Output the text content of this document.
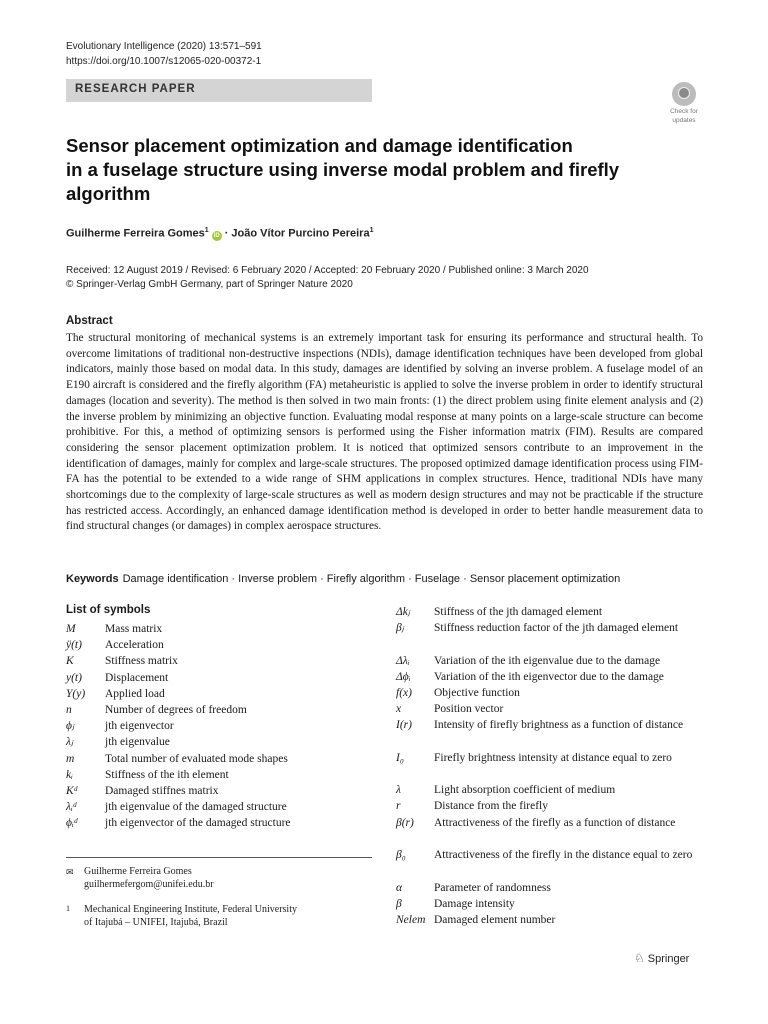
Evolutionary Intelligence (2020) 13:571–591
https://doi.org/10.1007/s12065-020-00372-1
RESEARCH PAPER
Check for
updates
Sensor placement optimization and damage identification
in a fuselage structure using inverse modal problem and firefly
algorithm
Guilherme Ferreira Gomes$^1$iD · João Vítor Purcino Pereira$^1$
Received: 12 August 2019 / Revised: 6 February 2020 / Accepted: 20 February 2020 / Published online: 3 March 2020
© Springer-Verlag GmbH Germany, part of Springer Nature 2020
Abstract
The structural monitoring of mechanical systems is an extremely important task for ensuring its performance and structural health. To overcome limitations of traditional non-destructive inspections (NDIs), damage identification techniques have been developed from global indicators, mainly those based on modal data. In this study, damages are identified by solving an inverse problem. A fuselage model of an E190 aircraft is considered and the firefly algorithm (FA) metaheuristic is applied to solve the inverse problem in order to identify structural damages (location and severity). The method is then solved in two main fronts: (1) the direct problem using finite element analysis and (2) the inverse problem by minimizing an objective function. Evaluating modal response at many points on a large-scale structure can become prohibitive. For this, a method of optimizing sensors is performed using the Fisher information matrix (FIM). Results are compared considering the sensor placement optimization problem. It is noticed that optimized sensors contribute to an improvement in the identification of damages, mainly for complex and large-scale structures. The proposed optimized damage identification process using FIM-FA has the potential to be extended to a wide range of SHM applications in complex structures. Hence, traditional NDIs have many shortcomings due to the complexity of large-scale structures as well as modern design structures and may not be practicable if the structure has restricted access. Accordingly, an enhanced damage identification method is developed in order to better handle measurement data to find structural changes (or damages) in complex aerospace structures.
Keywords Damage identification · Inverse problem · Firefly algorithm · Fuselage · Sensor placement optimization
List of symbols
M	Mass matrix
ÿ(t) Acceleration
K	Stiffness matrix
y(t) Displacement
Y(y) Applied load
n	Number of degrees of freedom
ϕⱼ	jth eigenvector
λⱼ	jth eigenvalue
m	Total number of evaluated mode shapes
kᵢ	Stiffness of the ith element
Kᵈ Damaged stiffnes matrix
λᵢᵈ jth eigenvalue of the damaged structure
ϕᵢᵈ jth eigenvector of the damaged structure
Δkⱼ Stiffness of the jth damaged element
βⱼ	Stiffness reduction factor of the jth damaged element
Δλᵢ Variation of the ith eigenvalue due to the damage
Δϕᵢ Variation of the ith eigenvector due to the damage
f(x) Objective function
x	Position vector
I(r) Intensity of firefly brightness as a function of distance
I₀	Firefly brightness intensity at distance equal to zero
λ	Light absorption coefficient of medium
r	Distance from the firefly
β(r) Attractiveness of the firefly as a function of distance
β₀ Attractiveness of the firefly in the distance equal to zero
α	Parameter of randomness
β	Damage intensity
Nelem Damaged element number
✉ Guilherme Ferreira Gomes
guilhermefergom@unifei.edu.br
1 Mechanical Engineering Institute, Federal University
of Itajubá – UNIFEI, Itajubá, Brazil
♘ Springer
